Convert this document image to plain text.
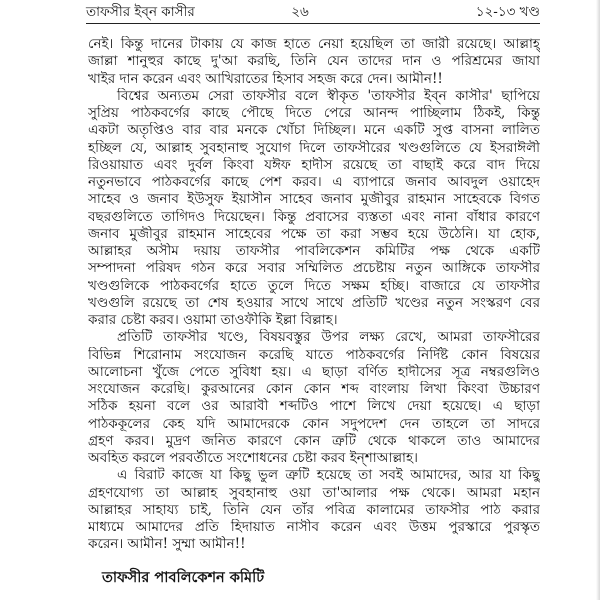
তাফসীর ইব্‌ন কাসীর	২৬	১২-১৩ খণ্ড
নেই। কিন্তু দানের টাকায় যে কাজ হাতে নেয়া হয়েছিল তা জারী রয়েছে। আল্লাহ্
জাল্লা শানুহুর কাছে দু'আ করছি, তিনি যেন তাদের দান ও পরিশ্রমের জাযা
খাইর দান করেন এবং আখিরাতের হিসাব সহজ করে দেন। আমীন!!
বিশ্বের অন্যতম সেরা তাফসীর বলে স্বীকৃত 'তাফসীর ইব্‌ন কাসীর' ছাপিয়ে
সুপ্রিয় পাঠকবর্গের কাছে পৌছে দিতে পেরে আনন্দ পাচ্ছিলাম ঠিকই, কিন্তু
একটা অতৃপ্তিও বার বার মনকে খোঁচা দিচ্ছিল। মনে একটি সুপ্ত বাসনা লালিত
হচ্ছিল যে, আল্লাহ সুবহানাহু সুযোগ দিলে তাফসীরের খণ্ডগুলিতে যে ইসরাঈলী
রিওয়ায়াত এবং দুর্বল কিংবা যঈফ হাদীস রয়েছে তা বাছাই করে বাদ দিয়ে
নতুনভাবে পাঠকবর্গের কাছে পেশ করব। এ ব্যাপারে জনাব আবদুল ওয়াহেদ
সাহেব ও জনাব ইউসুফ ইয়াসীন সাহেব জনাব মুজীবুর রাহমান সাহেবকে বিগত
বছরগুলিতে তাগিদও দিয়েছেন। কিন্তু প্রবাসের ব্যস্ততা এবং নানা বাঁধার কারণে
জনাব মুজীবুর রাহমান সাহেবের পক্ষে তা করা সম্ভব হয়ে উঠেনি। যা হোক,
আল্লাহর অসীম দয়ায় তাফসীর পাবলিকেশন কমিটির পক্ষ থেকে একটি
সম্পাদনা পরিষদ গঠন করে সবার সম্মিলিত প্রচেষ্টায় নতুন আঙ্গিকে তাফসীর
খণ্ডগুলিকে পাঠকবর্গের হাতে তুলে দিতে সক্ষম হচ্ছি। বাজারে যে তাফসীর
খণ্ডগুলি রয়েছে তা শেষ হওয়ার সাথে সাথে প্রতিটি খণ্ডের নতুন সংস্করণ বের
করার চেষ্টা করব। ওয়ামা তাওফীকি ইল্লা বিল্লাহ।
প্রতিটি তাফসীর খণ্ডে, বিষয়বস্তুর উপর লক্ষ্য রেখে, আমরা তাফসীরের
বিভিন্ন শিরোনাম সংযোজন করেছি যাতে পাঠকবর্গের নির্দিষ্ট কোন বিষয়ের
আলোচনা খুঁজে পেতে সুবিধা হয়। এ ছাড়া বর্ণিত হাদীসের সূত্র নম্বরগুলিও
সংযোজন করেছি। কুরআনের কোন কোন শব্দ বাংলায় লিখা কিংবা উচ্চারণ
সঠিক হয়না বলে ওর আরাবী শব্দটিও পাশে লিখে দেয়া হয়েছে। এ ছাড়া
পাঠককূলের কেহ যদি আমাদেরকে কোন সদুপদেশ দেন তাহলে তা সাদরে
গ্রহণ করব। মুদ্রণ জনিত কারণে কোন ত্রুটি থেকে থাকলে তাও আমাদের
অবহিত করলে পরবর্তীতে সংশোধনের চেষ্টা করব ইন্‌শাআল্লাহ।
এ বিরাট কাজে যা কিছু ভুল ত্রুটি হয়েছে তা সবই আমাদের, আর যা কিছু
গ্রহণযোগ্য তা আল্লাহ সুবহানাহু ওয়া তা'আলার পক্ষ থেকে। আমরা মহান
আল্লাহর সাহায্য চাই, তিনি যেন তাঁর পবিত্র কালামের তাফসীর পাঠ করার
মাধ্যমে আমাদের প্রতি হিদায়াত নাসীব করেন এবং উত্তম পুরস্কারে পুরস্কৃত
করেন। আমীন! সুম্মা আমীন!!
তাফসীর পাবলিকেশন কমিটি
